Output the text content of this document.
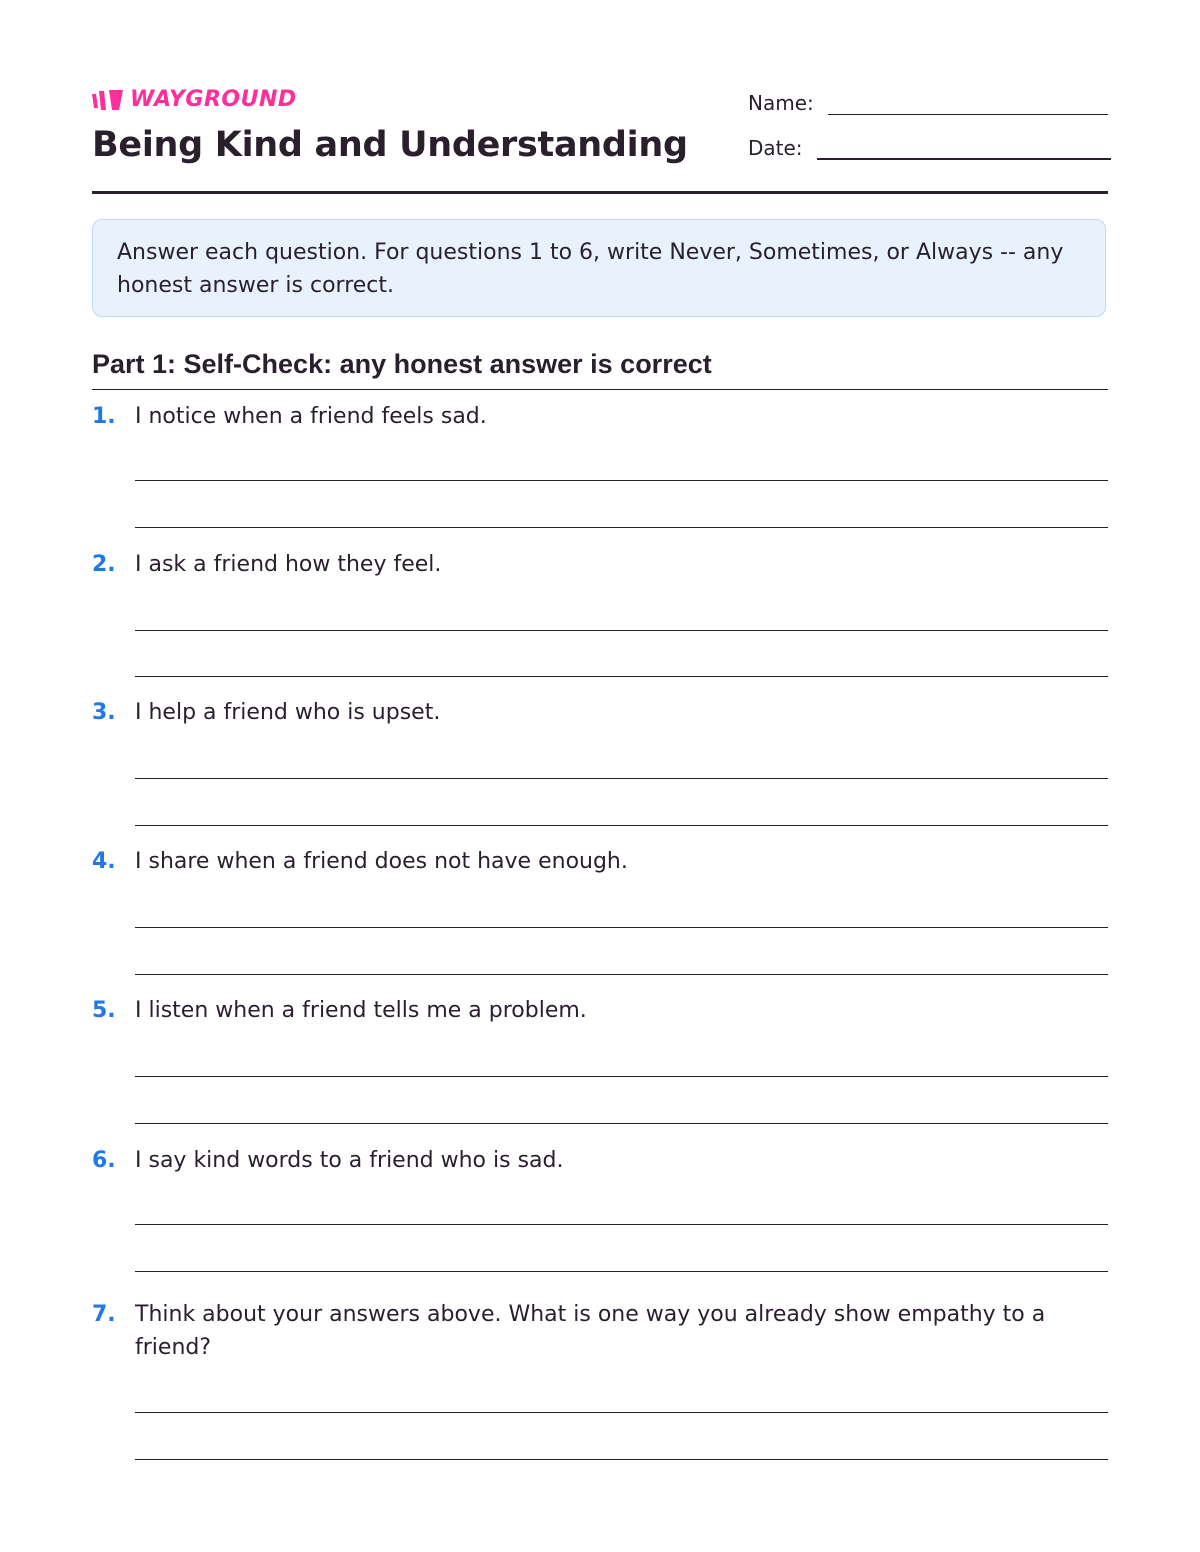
WAYGROUND
Being Kind and Understanding
Name:
Date:
Answer each question. For questions 1 to 6, write Never, Sometimes, or Always -- any honest answer is correct.
Part 1: Self-Check: any honest answer is correct
1. I notice when a friend feels sad.
2. I ask a friend how they feel.
3. I help a friend who is upset.
4. I share when a friend does not have enough.
5. I listen when a friend tells me a problem.
6. I say kind words to a friend who is sad.
7. Think about your answers above. What is one way you already show empathy to a friend?
